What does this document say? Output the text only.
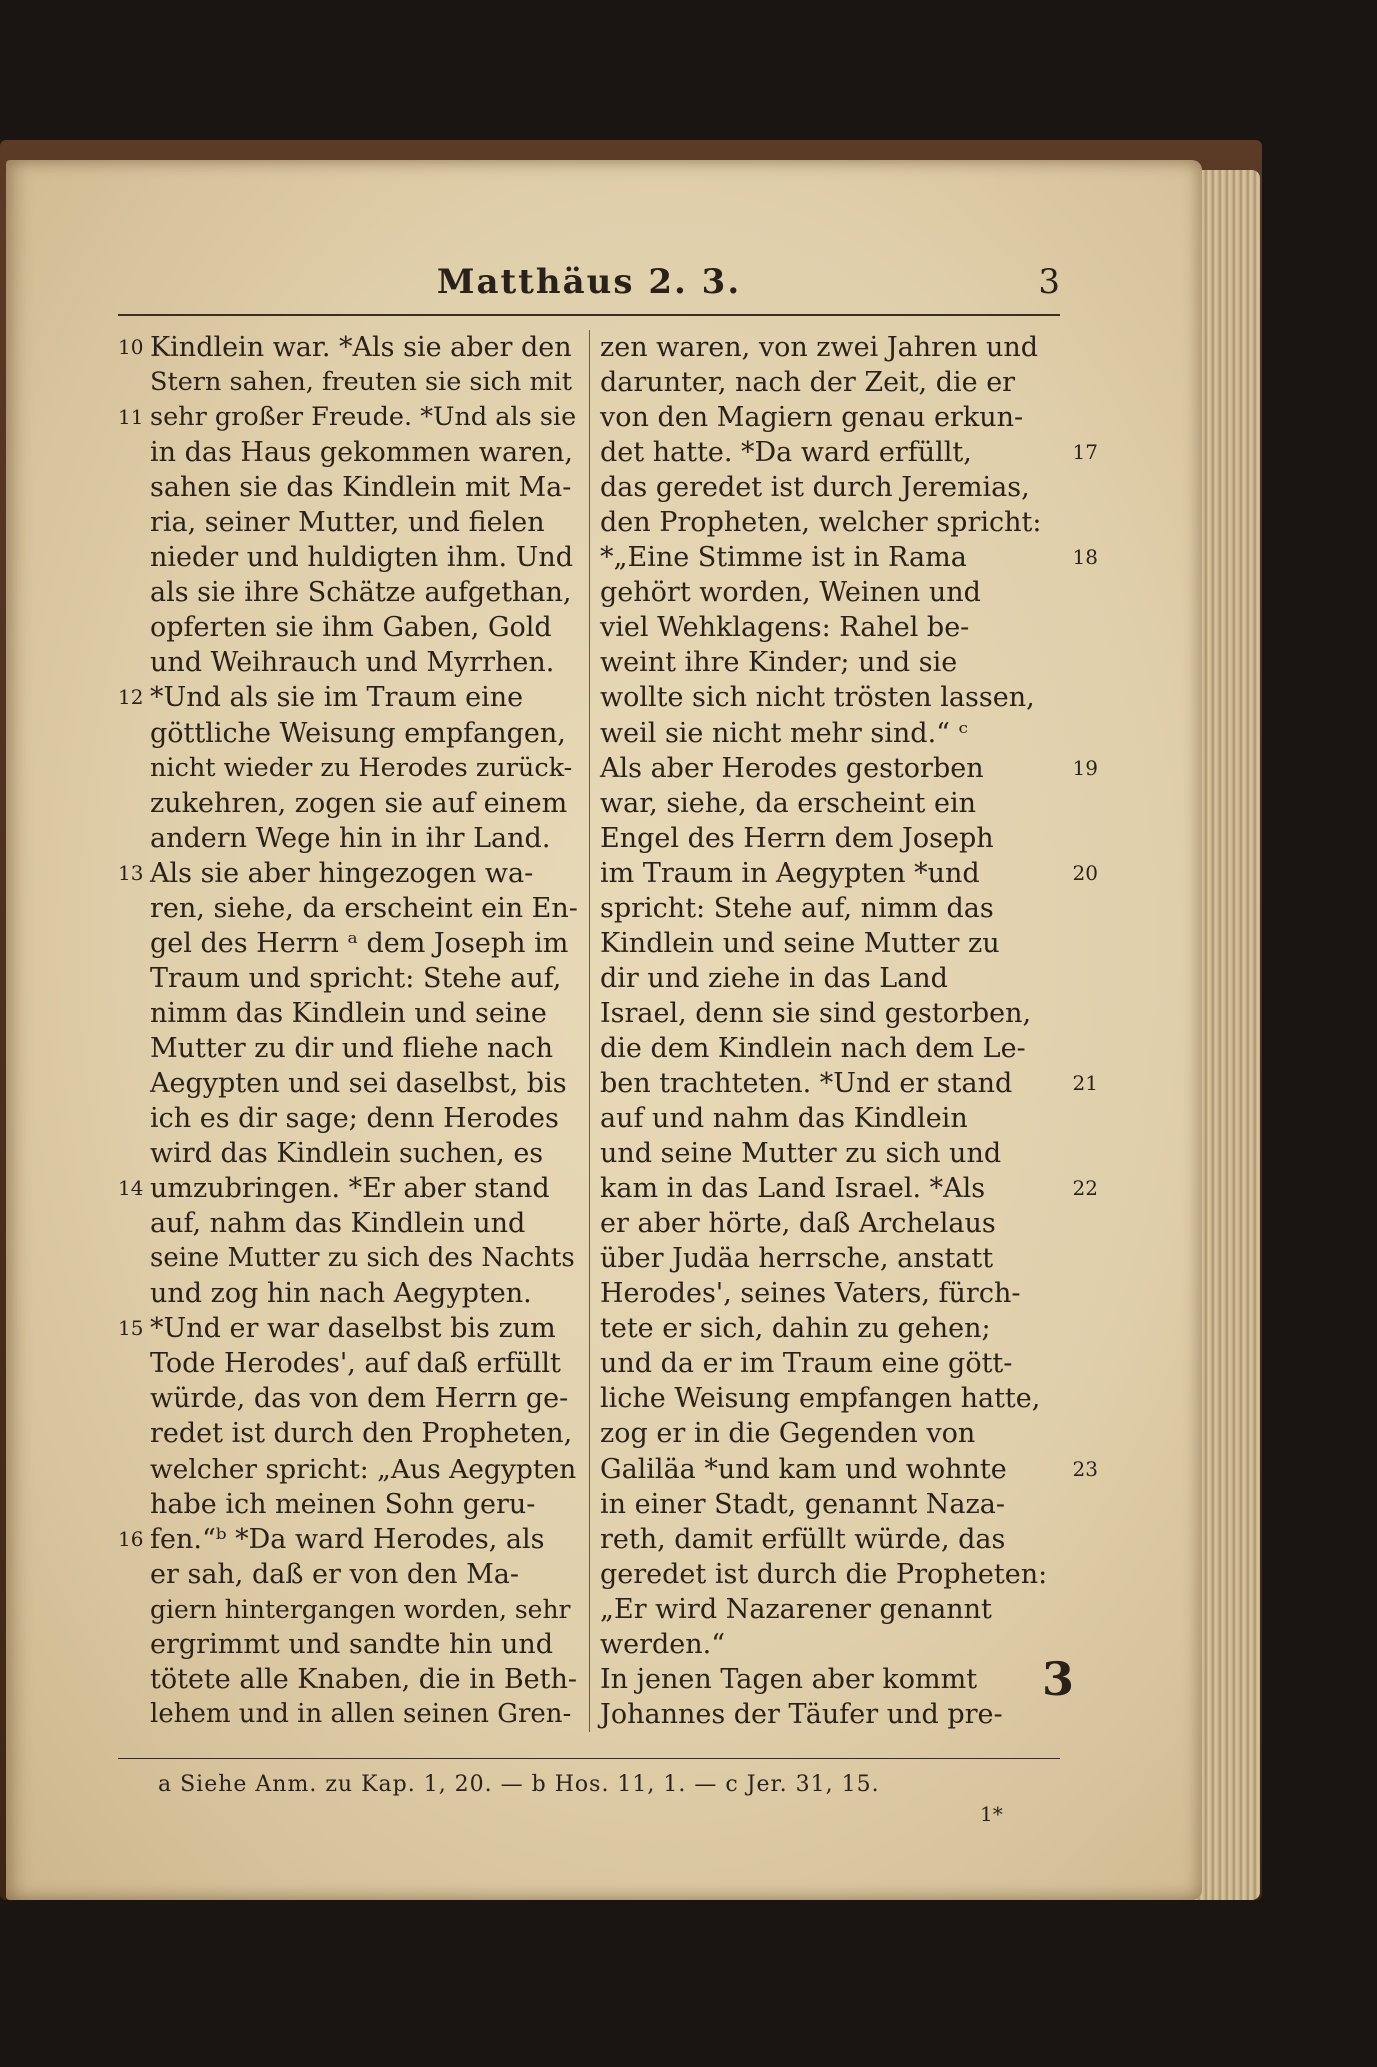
Matthäus 2. 3.	3
10 Kindlein war. *Als sie aber den
Stern sahen, freuten sie sich mit
11 sehr großer Freude. *Und als sie
in das Haus gekommen waren,
sahen sie das Kindlein mit Ma-
ria, seiner Mutter, und fielen
nieder und huldigten ihm. Und
als sie ihre Schätze aufgethan,
opferten sie ihm Gaben, Gold
und Weihrauch und Myrrhen.
12 *Und als sie im Traum eine
göttliche Weisung empfangen,
nicht wieder zu Herodes zurück-
zukehren, zogen sie auf einem
andern Wege hin in ihr Land.
13 Als sie aber hingezogen wa-
ren, siehe, da erscheint ein En-
gel des Herrn ᵃ dem Joseph im
Traum und spricht: Stehe auf,
nimm das Kindlein und seine
Mutter zu dir und fliehe nach
Aegypten und sei daselbst, bis
ich es dir sage; denn Herodes
wird das Kindlein suchen, es
14 umzubringen. *Er aber stand
auf, nahm das Kindlein und
seine Mutter zu sich des Nachts
und zog hin nach Aegypten.
15 *Und er war daselbst bis zum
Tode Herodes', auf daß erfüllt
würde, das von dem Herrn ge-
redet ist durch den Propheten,
welcher spricht: „Aus Aegypten
habe ich meinen Sohn geru-
16 fen.“ᵇ *Da ward Herodes, als
er sah, daß er von den Ma-
giern hintergangen worden, sehr
ergrimmt und sandte hin und
tötete alle Knaben, die in Beth-
lehem und in allen seinen Gren-
zen waren, von zwei Jahren und
darunter, nach der Zeit, die er
von den Magiern genau erkun-
17
det hatte. *Da ward erfüllt,
das geredet ist durch Jeremias,
den Propheten, welcher spricht:
18
*„Eine Stimme ist in Rama
gehört worden, Weinen und
viel Wehklagens: Rahel be-
weint ihre Kinder; und sie
wollte sich nicht trösten lassen,
weil sie nicht mehr sind.“ ᶜ
19
Als aber Herodes gestorben
war, siehe, da erscheint ein
Engel des Herrn dem Joseph
20
im Traum in Aegypten *und
spricht: Stehe auf, nimm das
Kindlein und seine Mutter zu
dir und ziehe in das Land
Israel, denn sie sind gestorben,
die dem Kindlein nach dem Le-
21
ben trachteten. *Und er stand
auf und nahm das Kindlein
und seine Mutter zu sich und
22
kam in das Land Israel. *Als
er aber hörte, daß Archelaus
über Judäa herrsche, anstatt
Herodes', seines Vaters, fürch-
tete er sich, dahin zu gehen;
und da er im Traum eine gött-
liche Weisung empfangen hatte,
zog er in die Gegenden von
23
Galiläa *und kam und wohnte
in einer Stadt, genannt Naza-
reth, damit erfüllt würde, das
geredet ist durch die Propheten:
„Er wird Nazarener genannt
werden.“
In jenen Tagen aber kommt 3
Johannes der Täufer und pre-
a Siehe Anm. zu Kap. 1, 20. — b Hos. 11, 1. — c Jer. 31, 15.
1*
